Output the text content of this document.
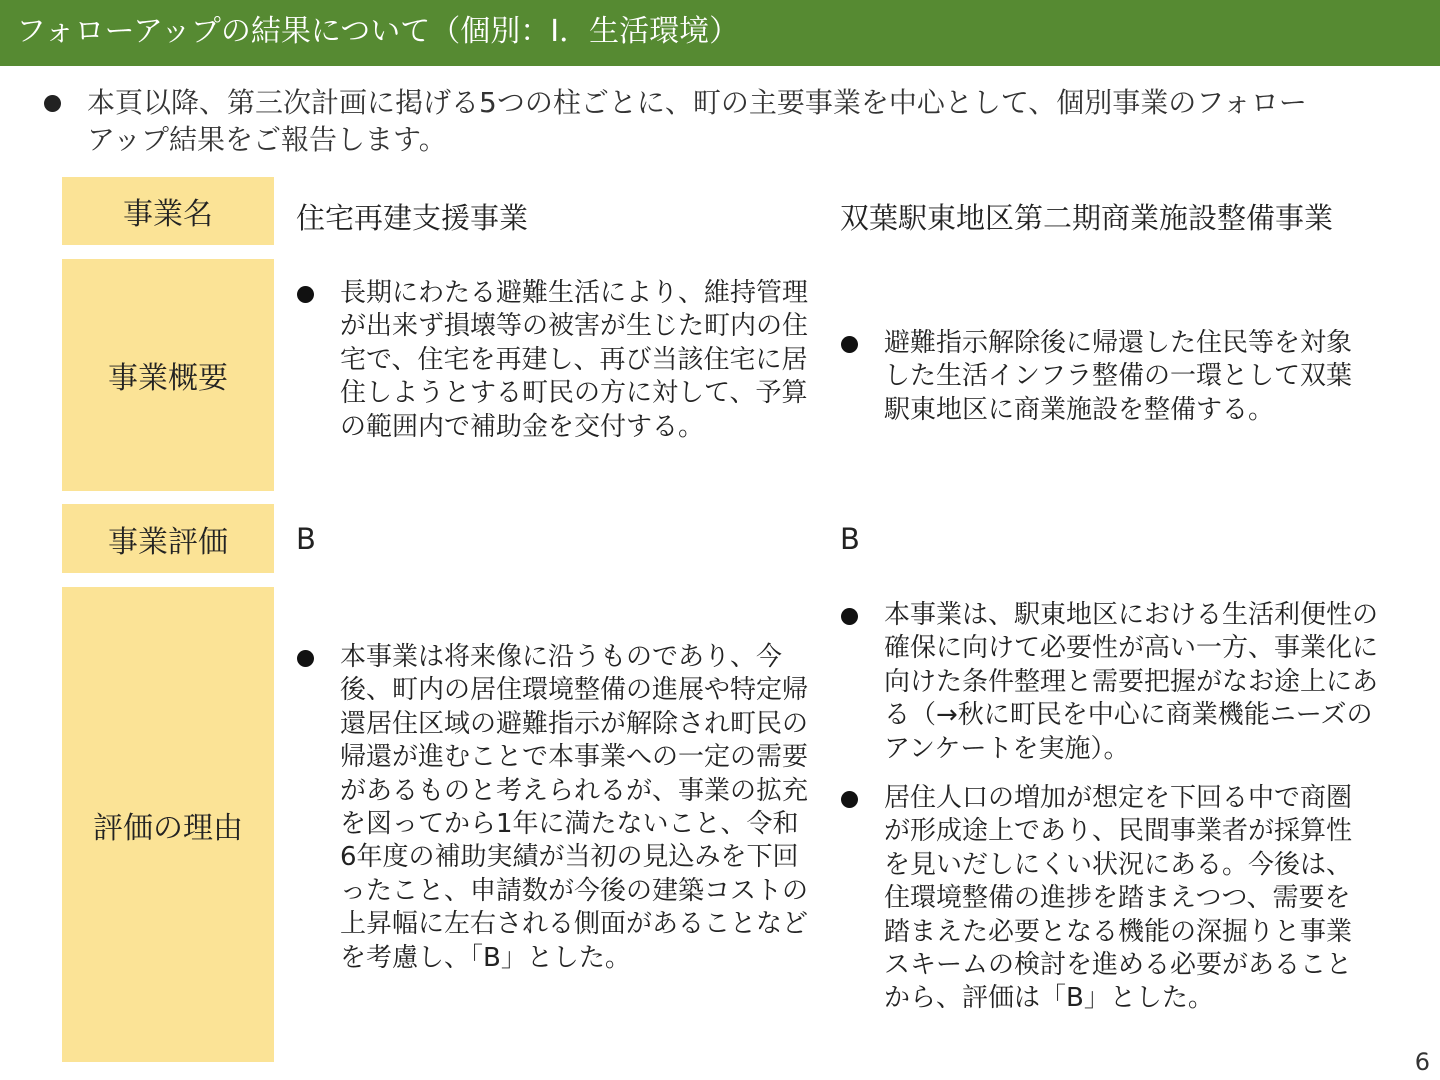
フォローアップの結果について（個別：Ⅰ．生活環境）
本頁以降、第三次計画に掲げる5つの柱ごとに、町の主要事業を中心として、個別事業のフォローアップ結果をご報告します。
事業名
事業概要
事業評価
評価の理由
住宅再建支援事業
長期にわたる避難生活により、維持管理が出来ず損壊等の被害が生じた町内の住宅で、住宅を再建し、再び当該住宅に居住しようとする町民の方に対して、予算の範囲内で補助金を交付する。
B
本事業は将来像に沿うものであり、今後、町内の居住環境整備の進展や特定帰還居住区域の避難指示が解除され町民の帰還が進むことで本事業への一定の需要があるものと考えられるが、事業の拡充を図ってから1年に満たないこと、令和6年度の補助実績が当初の見込みを下回ったこと、申請数が今後の建築コストの上昇幅に左右される側面があることなどを考慮し、「B」とした。
双葉駅東地区第二期商業施設整備事業
避難指示解除後に帰還した住民等を対象した生活インフラ整備の一環として双葉駅東地区に商業施設を整備する。
B
本事業は、駅東地区における生活利便性の確保に向けて必要性が高い一方、事業化に向けた条件整理と需要把握がなお途上にある（→秋に町民を中心に商業機能ニーズのアンケートを実施）。
居住人口の増加が想定を下回る中で商圏が形成途上であり、民間事業者が採算性を見いだしにくい状況にある。今後は、住環境整備の進捗を踏まえつつ、需要を踏まえた必要となる機能の深掘りと事業スキームの検討を進める必要があることから、評価は「B」とした。
6
